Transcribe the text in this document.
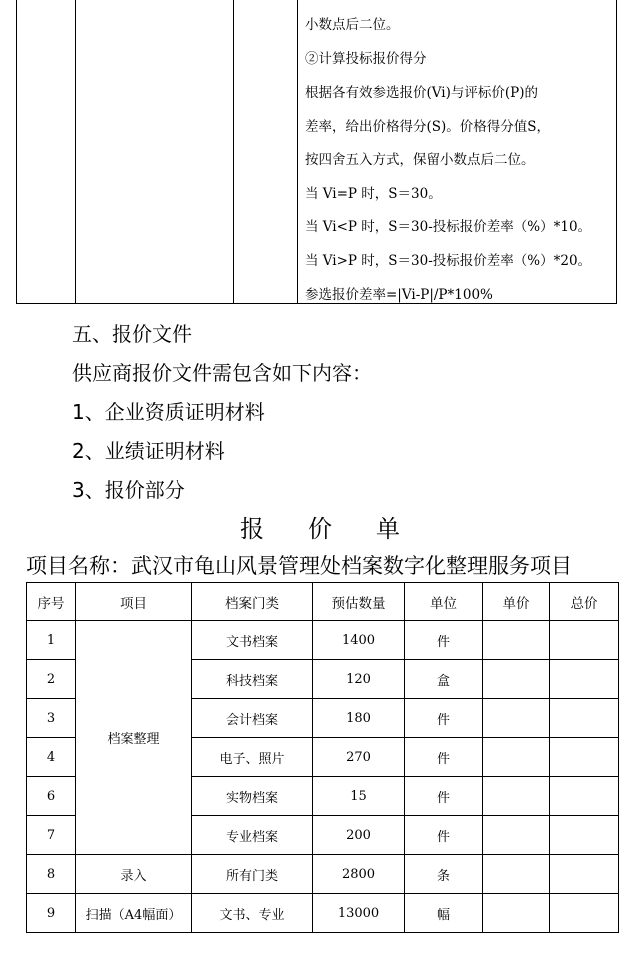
小数点后二位。
②计算投标报价得分
根据各有效参选报价(Vi)与评标价(P)的
差率，给出价格得分(S)。价格得分值S，
按四舍五入方式，保留小数点后二位。
当 Vi=P 时，S＝30。
当 Vi<P 时，S＝30-投标报价差率（%）*10。
当 Vi>P 时，S＝30-投标报价差率（%）*20。
参选报价差率=|Vi-P|/P*100%
五、报价文件
供应商报价文件需包含如下内容：
1、企业资质证明材料
2、业绩证明材料
3、报价部分
报 价 单
项目名称：武汉市龟山风景管理处档案数字化整理服务项目
序号	项目	档案门类	预估数量	单位	单价	总价
1	档案整理	文书档案	1400	件		
2		科技档案	120	盒		
3		会计档案	180	件		
4		电子、照片	270	件		
6		实物档案	15	件		
7		专业档案	200	件		
8	录入	所有门类	2800	条		
9	扫描（A4幅面）	文书、专业	13000	幅		
